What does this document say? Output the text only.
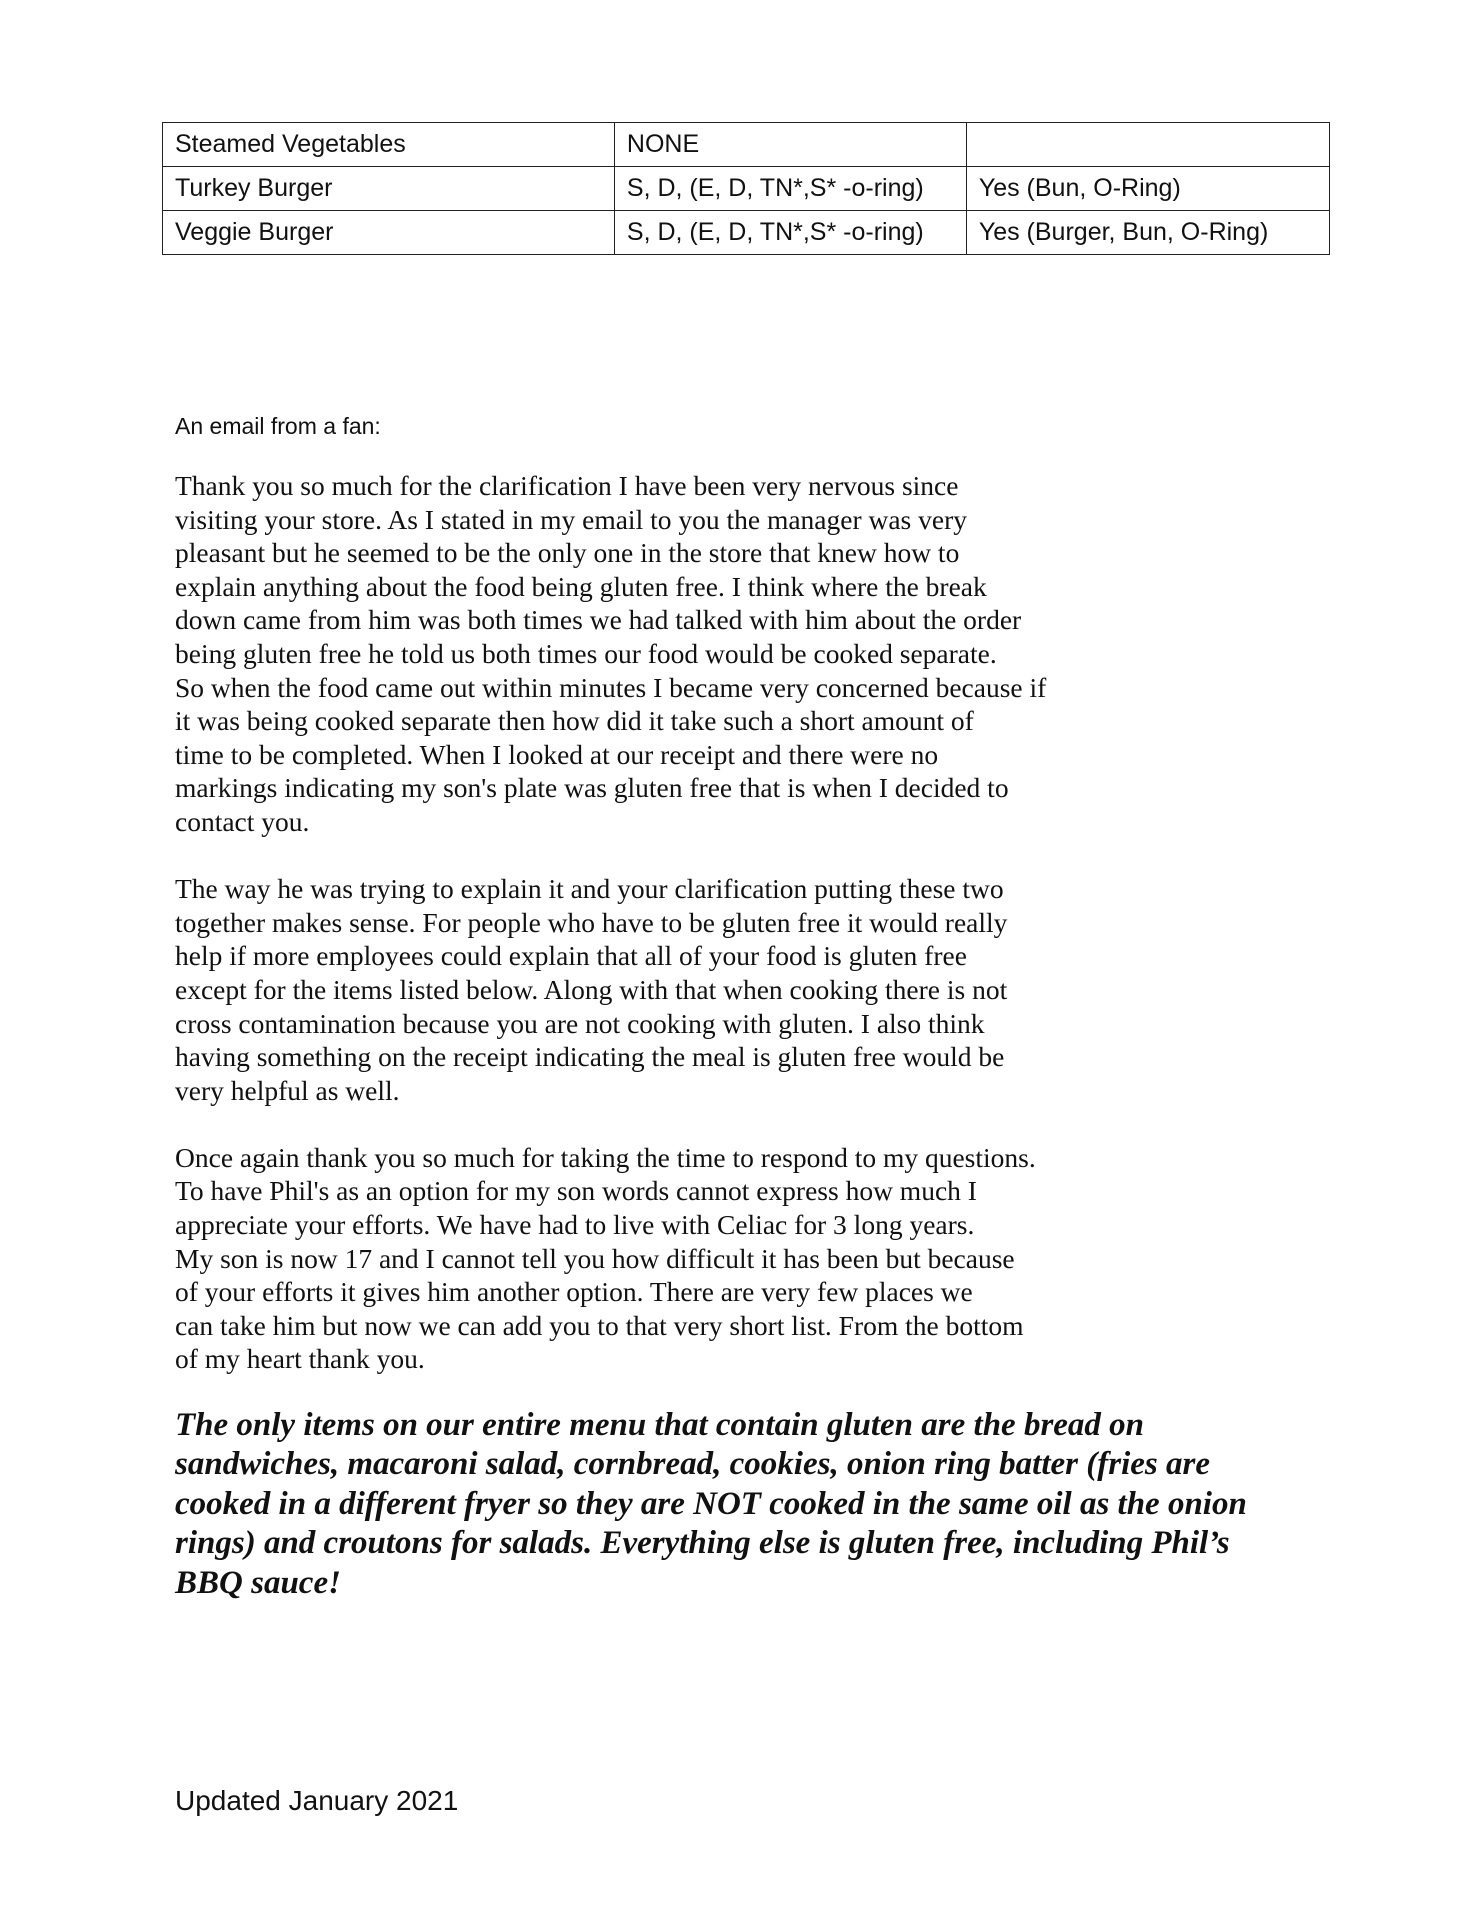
Steamed Vegetables	NONE	
Turkey Burger	S, D, (E, D, TN*,S* -o-ring)	Yes (Bun, O-Ring)
Veggie Burger	S, D, (E, D, TN*,S* -o-ring)	Yes (Burger, Bun, O-Ring)
An email from a fan:

Thank you so much for the clarification I have been very nervous since
visiting your store. As I stated in my email to you the manager was very
pleasant but he seemed to be the only one in the store that knew how to
explain anything about the food being gluten free. I think where the break
down came from him was both times we had talked with him about the order
being gluten free he told us both times our food would be cooked separate.
So when the food came out within minutes I became very concerned because if
it was being cooked separate then how did it take such a short amount of
time to be completed. When I looked at our receipt and there were no
markings indicating my son's plate was gluten free that is when I decided to
contact you.

The way he was trying to explain it and your clarification putting these two
together makes sense. For people who have to be gluten free it would really
help if more employees could explain that all of your food is gluten free
except for the items listed below. Along with that when cooking there is not
cross contamination because you are not cooking with gluten. I also think
having something on the receipt indicating the meal is gluten free would be
very helpful as well.

Once again thank you so much for taking the time to respond to my questions.
To have Phil's as an option for my son words cannot express how much I
appreciate your efforts. We have had to live with Celiac for 3 long years.
My son is now 17 and I cannot tell you how difficult it has been but because
of your efforts it gives him another option. There are very few places we
can take him but now we can add you to that very short list. From the bottom
of my heart thank you.

The only items on our entire menu that contain gluten are the bread on
sandwiches, macaroni salad, cornbread, cookies, onion ring batter (fries are
cooked in a different fryer so they are NOT cooked in the same oil as the onion
rings) and croutons for salads. Everything else is gluten free, including Phil’s
BBQ sauce!

Updated January 2021
